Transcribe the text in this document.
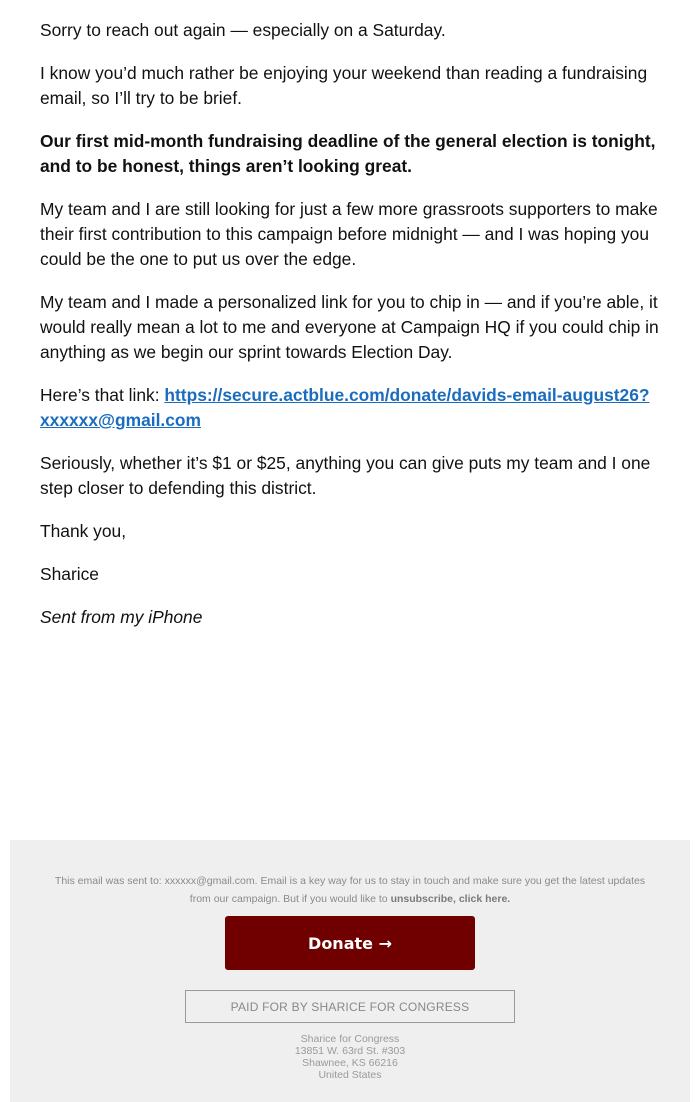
Sorry to reach out again — especially on a Saturday.

I know you’d much rather be enjoying your weekend than reading a fundraising email, so I’ll try to be brief.

Our first mid-month fundraising deadline of the general election is tonight, and to be honest, things aren’t looking great.

My team and I are still looking for just a few more grassroots supporters to make their first contribution to this campaign before midnight — and I was hoping you could be the one to put us over the edge.

My team and I made a personalized link for you to chip in — and if you’re able, it would really mean a lot to me and everyone at Campaign HQ if you could chip in anything as we begin our sprint towards Election Day.

Here’s that link: https://secure.actblue.com/donate/davids-email-august26?xxxxxx@gmail.com

Seriously, whether it’s $1 or $25, anything you can give puts my team and I one step closer to defending this district.

Thank you,

Sharice

Sent from my iPhone

This email was sent to: xxxxxx@gmail.com. Email is a key way for us to stay in touch and make sure you get the latest updates from our campaign. But if you would like to unsubscribe, click here.
Donate →
PAID FOR BY SHARICE FOR CONGRESS
Sharice for Congress
13851 W. 63rd St. #303
Shawnee, KS 66216
United States
